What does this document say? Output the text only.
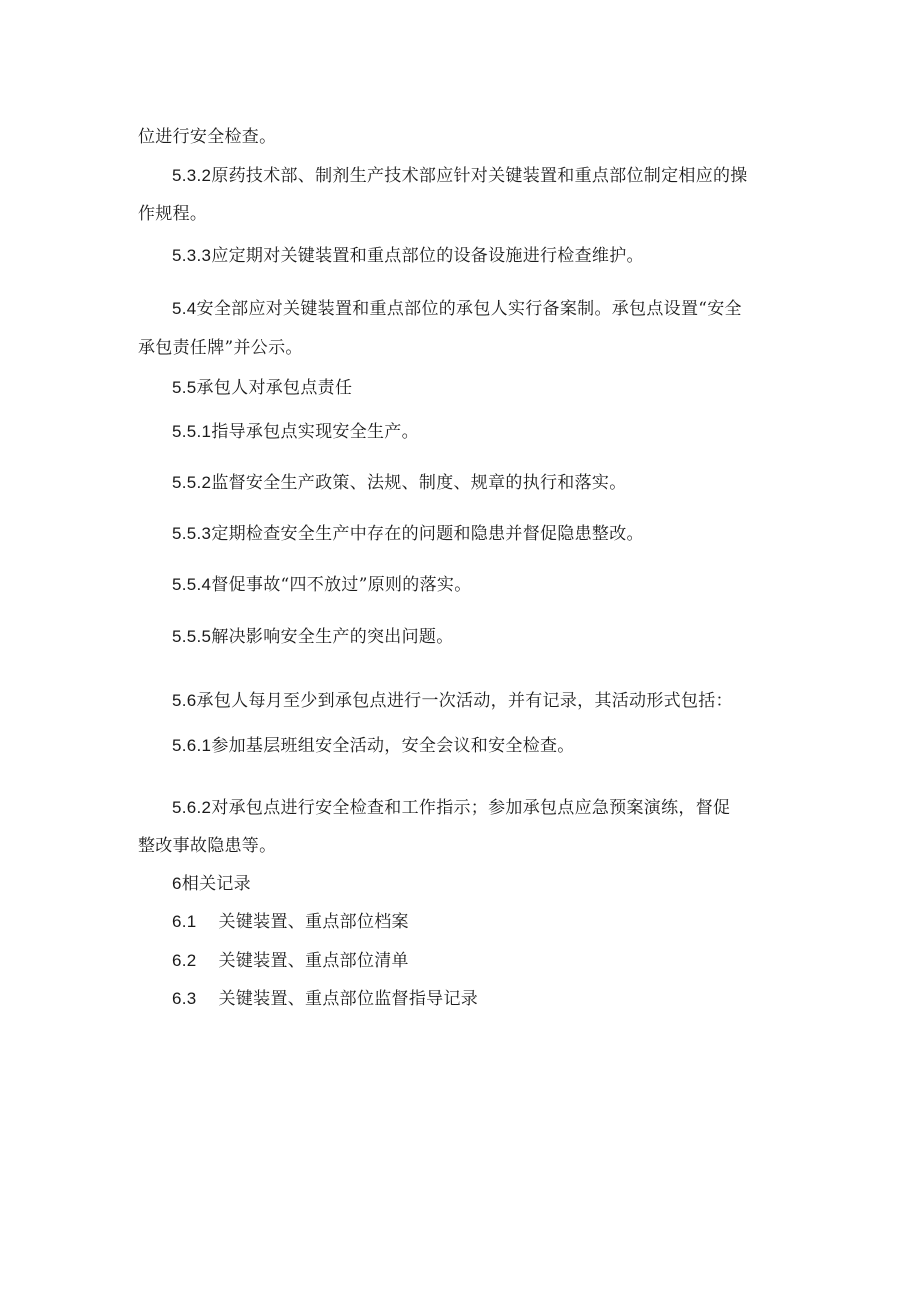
位进行安全检查。
5.3.2原药技术部、制剂生产技术部应针对关键装置和重点部位制定相应的操
作规程。
5.3.3应定期对关键装置和重点部位的设备设施进行检查维护。
5.4安全部应对关键装置和重点部位的承包人实行备案制。承包点设置“安全
承包责任牌”并公示。
5.5承包人对承包点责任
5.5.1指导承包点实现安全生产。
5.5.2监督安全生产政策、法规、制度、规章的执行和落实。
5.5.3定期检查安全生产中存在的问题和隐患并督促隐患整改。
5.5.4督促事故“四不放过”原则的落实。
5.5.5解决影响安全生产的突出问题。
5.6承包人每月至少到承包点进行一次活动，并有记录，其活动形式包括：
5.6.1参加基层班组安全活动，安全会议和安全检查。
5.6.2对承包点进行安全检查和工作指示；参加承包点应急预案演练，督促
整改事故隐患等。
6相关记录
6.1 关键装置、重点部位档案
6.2 关键装置、重点部位清单
6.3 关键装置、重点部位监督指导记录
